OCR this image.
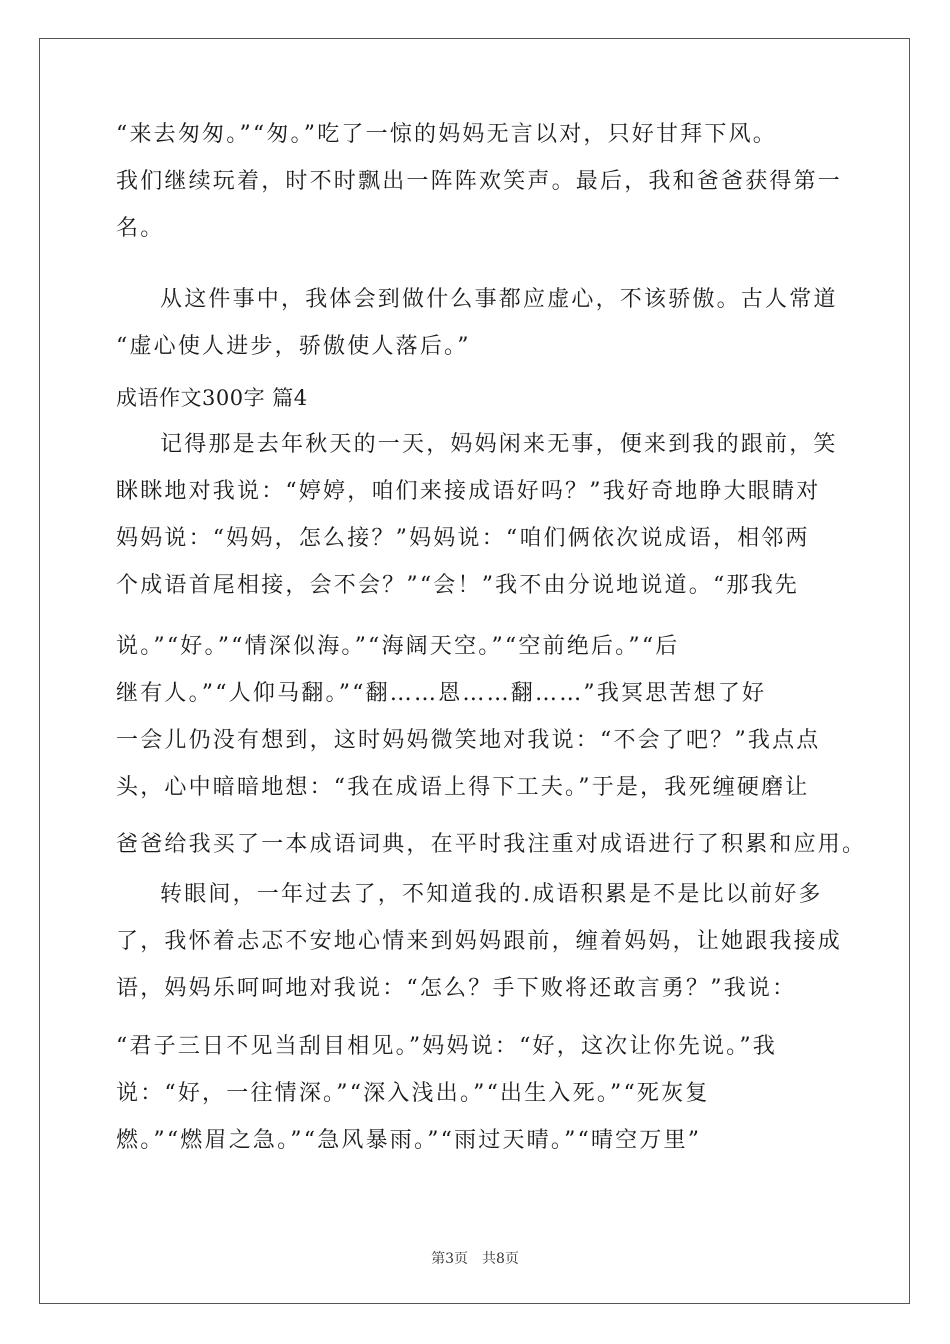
“来去匆匆。”“匆。”吃了一惊的妈妈无言以对，只好甘拜下风。
我们继续玩着，时不时飘出一阵阵欢笑声。最后，我和爸爸获得第一
名。
从这件事中，我体会到做什么事都应虚心，不该骄傲。古人常道
“虚心使人进步，骄傲使人落后。”
成语作文300字 篇4
记得那是去年秋天的一天，妈妈闲来无事，便来到我的跟前，笑
眯眯地对我说：“婷婷，咱们来接成语好吗？”我好奇地睁大眼睛对
妈妈说：“妈妈，怎么接？”妈妈说：“咱们俩依次说成语，相邻两
个成语首尾相接，会不会？”“会！”我不由分说地说道。“那我先
说。”“好。”“情深似海。”“海阔天空。”“空前绝后。”“后
继有人。”“人仰马翻。”“翻……恩……翻……”我冥思苦想了好
一会儿仍没有想到，这时妈妈微笑地对我说：“不会了吧？”我点点
头，心中暗暗地想：“我在成语上得下工夫。”于是，我死缠硬磨让
爸爸给我买了一本成语词典，在平时我注重对成语进行了积累和应用。
转眼间，一年过去了，不知道我的.成语积累是不是比以前好多
了，我怀着忐忑不安地心情来到妈妈跟前，缠着妈妈，让她跟我接成
语，妈妈乐呵呵地对我说：“怎么？手下败将还敢言勇？”我说：
“君子三日不见当刮目相见。”妈妈说：“好，这次让你先说。”我
说：“好，一往情深。”“深入浅出。”“出生入死。”“死灰复
燃。”“燃眉之急。”“急风暴雨。”“雨过天晴。”“晴空万里”
第3页 共8页
